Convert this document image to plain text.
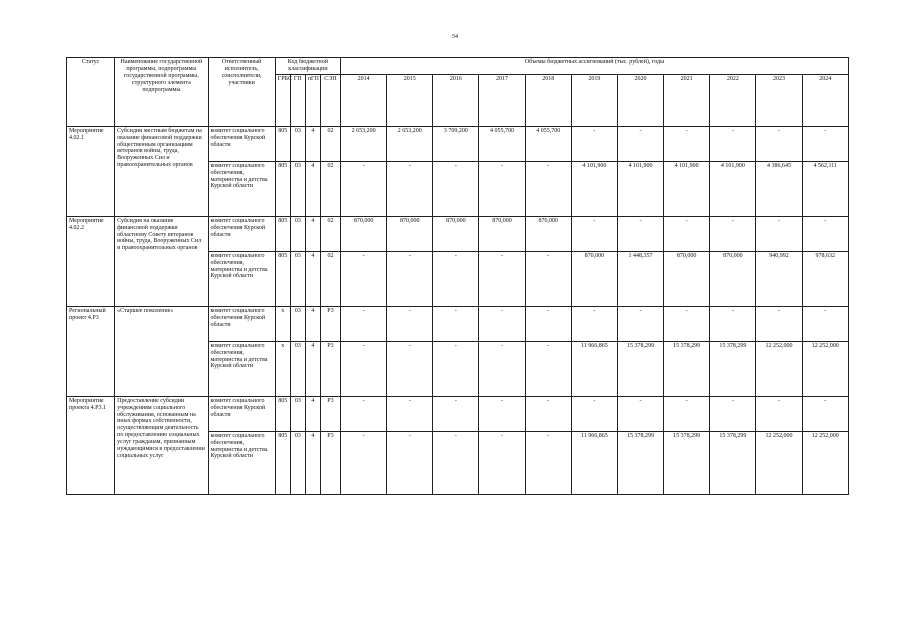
54
Статус	Наименование государственной программы, подпрограммы государственной программы, структурного элемента подпрограммы	Ответственный исполнитель, соисполнители, участники	Код бюджетной классификации				Объемы бюджетных ассигнований (тыс. рублей), годы										
			ГРБС	ГП	пГП	СЭП	2014	2015	2016	2017	2018	2019	2020	2021	2022	2023	2024
Мероприятие 4.02.1	Субсидии местным бюджетам на оказание финансовой поддержки общественным организациям ветеранов войны, труда, Вооруженных Сил и правоохранительных органов	комитет социального обеспечения Курской области	805	03	4	02	2 653,200	2 653,200	3 709,200	4 055,700	4 055,700	-	-	-	-	-	-
		комитет социального обеспечения, материнства и детства Курской области	805	03	4	02	-	-	-	-	-	4 101,900	4 101,900	4 101,900	4 101,900	4 386,645	4 562,111
Мероприятие 4.02.2	Субсидия на оказание финансовой поддержки областному Совету ветеранов войны, труда, Вооруженных Сил и правоохранительных органов	комитет социального обеспечения Курской области	805	03	4	02	870,000	870,000	870,000	870,000	870,000	-	-	-	-	-	-
		комитет социального обеспечения, материнства и детства Курской области	805	03	4	02	-	-	-	-	-	870,000	1 448,357	870,000	870,000	940,992	978,632
Региональный проект 4.P3	«Старшее поколение»	комитет социального обеспечения Курской области	х	03	4	P3	-	-	-	-	-	-	-	-	-	-	-
		комитет социального обеспечения, материнства и детства Курской области	х	03	4	P3	-	-	-	-	-	11 966,865	15 378,299	15 378,299	15 378,299	12 252,000	12 252,000
Мероприятие проекта 4.P3.1	Предоставление субсидии учреждениям социального обслуживания, основанным на иных формах собственности, осуществляющим деятельность по предоставлению социальных услуг гражданам, признанным нуждающимися в предоставлении социальных услуг	комитет социального обеспечения Курской области	805	03	4	P3	-	-	-	-	-	-	-	-	-	-	-
		комитет социального обеспечения, материнства и детства Курской области	805	03	4	P3	-	-	-	-	-	11 966,865	15 378,299	15 378,299	15 378,299	12 252,000	12 252,000
